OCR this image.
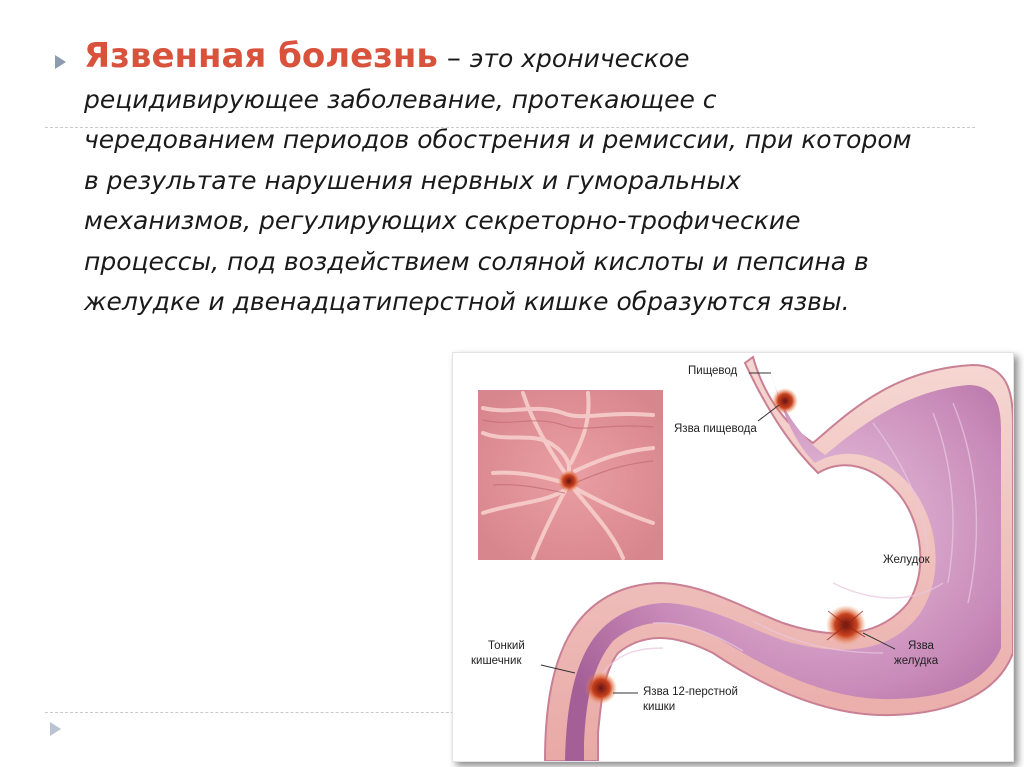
Язвенная болезнь – это хроническое рецидивирующее заболевание, протекающее с чередованием периодов обострения и ремиссии, при котором в результате нарушения нервных и гуморальных механизмов, регулирующих секреторно-трофические процессы, под воздействием соляной кислоты и пепсина в желудке и двенадцатиперстной кишке образуются язвы.
Пищевод
Язва пищевода
Желудок
Язва
желудка
Тонкий
кишечник
Язва 12-перстной
кишки
